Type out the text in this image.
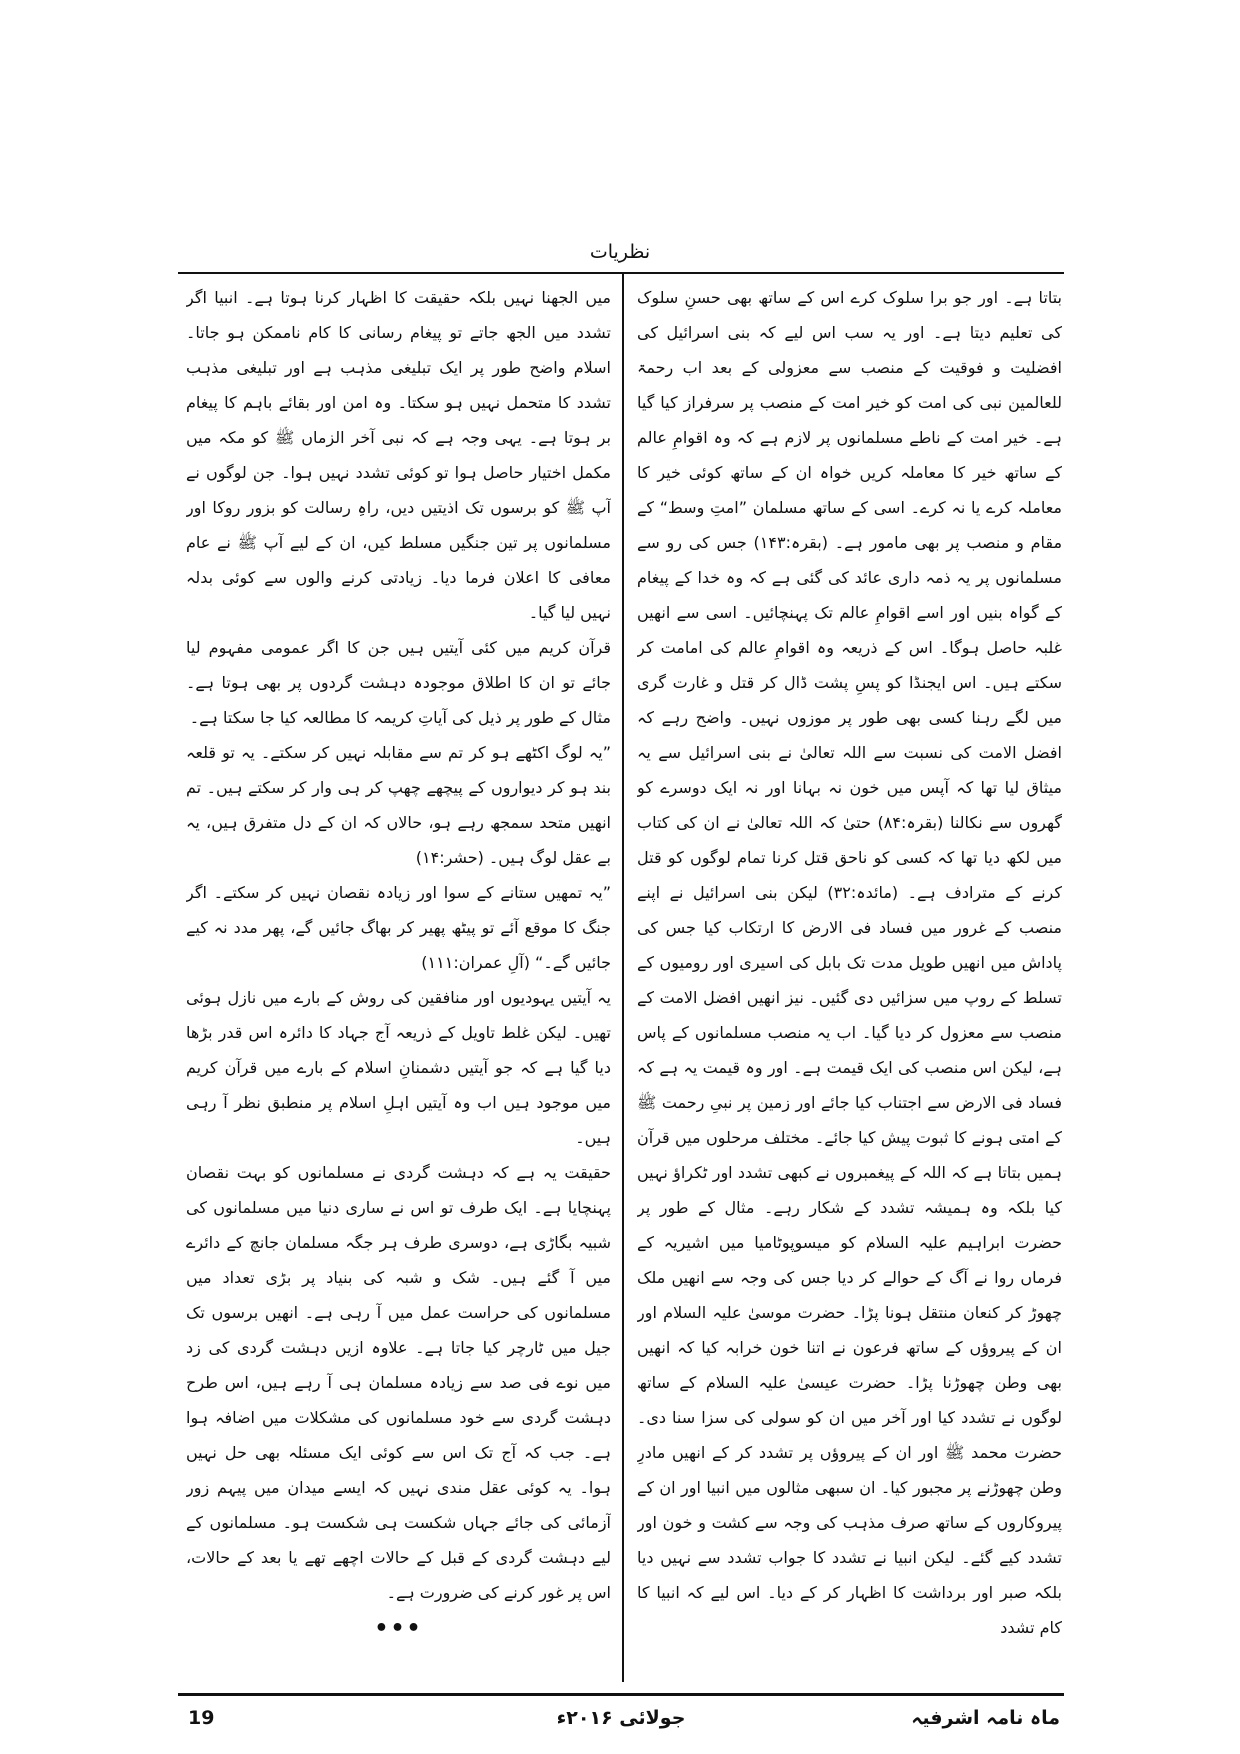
نظریات

بتاتا ہے۔ اور جو برا سلوک کرے اس کے ساتھ بھی حسنِ سلوک کی تعلیم دیتا ہے۔ اور یہ سب اس لیے کہ بنی اسرائیل کی افضلیت و فوقیت کے منصب سے معزولی کے بعد اب رحمۃ للعالمین نبی کی امت کو خیر امت کے منصب پر سرفراز کیا گیا ہے۔ خیر امت کے ناطے مسلمانوں پر لازم ہے کہ وہ اقوامِ عالم کے ساتھ خیر کا معاملہ کریں خواہ ان کے ساتھ کوئی خیر کا معاملہ کرے یا نہ کرے۔ اسی کے ساتھ مسلمان ”امتِ وسط“ کے مقام و منصب پر بھی مامور ہے۔ (بقرہ:۱۴۳) جس کی رو سے مسلمانوں پر یہ ذمہ داری عائد کی گئی ہے کہ وہ خدا کے پیغام کے گواہ بنیں اور اسے اقوامِ عالم تک پہنچائیں۔ اسی سے انھیں غلبہ حاصل ہوگا۔ اس کے ذریعہ وہ اقوامِ عالم کی امامت کر سکتے ہیں۔ اس ایجنڈا کو پسِ پشت ڈال کر قتل و غارت گری میں لگے رہنا کسی بھی طور پر موزوں نہیں۔ واضح رہے کہ افضل الامت کی نسبت سے اللہ تعالیٰ نے بنی اسرائیل سے یہ میثاق لیا تھا کہ آپس میں خون نہ بہانا اور نہ ایک دوسرے کو گھروں سے نکالنا (بقرہ:۸۴) حتیٰ کہ اللہ تعالیٰ نے ان کی کتاب میں لکھ دیا تھا کہ کسی کو ناحق قتل کرنا تمام لوگوں کو قتل کرنے کے مترادف ہے۔ (مائدہ:۳۲) لیکن بنی اسرائیل نے اپنے منصب کے غرور میں فساد فی الارض کا ارتکاب کیا جس کی پاداش میں انھیں طویل مدت تک بابل کی اسیری اور رومیوں کے تسلط کے روپ میں سزائیں دی گئیں۔ نیز انھیں افضل الامت کے منصب سے معزول کر دیا گیا۔ اب یہ منصب مسلمانوں کے پاس ہے، لیکن اس منصب کی ایک قیمت ہے۔ اور وہ قیمت یہ ہے کہ فساد فی الارض سے اجتناب کیا جائے اور زمین پر نبیِ رحمت ﷺ کے امتی ہونے کا ثبوت پیش کیا جائے۔ مختلف مرحلوں میں قرآن ہمیں بتاتا ہے کہ اللہ کے پیغمبروں نے کبھی تشدد اور ٹکراؤ نہیں کیا بلکہ وہ ہمیشہ تشدد کے شکار رہے۔ مثال کے طور پر حضرت ابراہیم علیہ السلام کو میسوپوٹامیا میں اشیریہ کے فرماں روا نے آگ کے حوالے کر دیا جس کی وجہ سے انھیں ملک چھوڑ کر کنعان منتقل ہونا پڑا۔ حضرت موسیٰ علیہ السلام اور ان کے پیروؤں کے ساتھ فرعون نے اتنا خون خرابہ کیا کہ انھیں بھی وطن چھوڑنا پڑا۔ حضرت عیسیٰ علیہ السلام کے ساتھ لوگوں نے تشدد کیا اور آخر میں ان کو سولی کی سزا سنا دی۔ حضرت محمد ﷺ اور ان کے پیروؤں پر تشدد کر کے انھیں مادرِ وطن چھوڑنے پر مجبور کیا۔ ان سبھی مثالوں میں انبیا اور ان کے پیروکاروں کے ساتھ صرف مذہب کی وجہ سے کشت و خون اور تشدد کیے گئے۔ لیکن انبیا نے تشدد کا جواب تشدد سے نہیں دیا بلکہ صبر اور برداشت کا اظہار کر کے دیا۔ اس لیے کہ انبیا کا کام تشدد

میں الجھنا نہیں بلکہ حقیقت کا اظہار کرنا ہوتا ہے۔ انبیا اگر تشدد میں الجھ جاتے تو پیغام رسانی کا کام ناممکن ہو جاتا۔ اسلام واضح طور پر ایک تبلیغی مذہب ہے اور تبلیغی مذہب تشدد کا متحمل نہیں ہو سکتا۔ وہ امن اور بقائے باہم کا پیغام بر ہوتا ہے۔ یہی وجہ ہے کہ نبی آخر الزماں ﷺ کو مکہ میں مکمل اختیار حاصل ہوا تو کوئی تشدد نہیں ہوا۔ جن لوگوں نے آپ ﷺ کو برسوں تک اذیتیں دیں، راہِ رسالت کو بزور روکا اور مسلمانوں پر تین جنگیں مسلط کیں، ان کے لیے آپ ﷺ نے عام معافی کا اعلان فرما دیا۔ زیادتی کرنے والوں سے کوئی بدلہ نہیں لیا گیا۔

قرآن کریم میں کئی آیتیں ہیں جن کا اگر عمومی مفہوم لیا جائے تو ان کا اطلاق موجودہ دہشت گردوں پر بھی ہوتا ہے۔ مثال کے طور پر ذیل کی آیاتِ کریمہ کا مطالعہ کیا جا سکتا ہے۔

”یہ لوگ اکٹھے ہو کر تم سے مقابلہ نہیں کر سکتے۔ یہ تو قلعہ بند ہو کر دیواروں کے پیچھے چھپ کر ہی وار کر سکتے ہیں۔ تم انھیں متحد سمجھ رہے ہو، حالاں کہ ان کے دل متفرق ہیں، یہ بے عقل لوگ ہیں۔ (حشر:۱۴)

”یہ تمھیں ستانے کے سوا اور زیادہ نقصان نہیں کر سکتے۔ اگر جنگ کا موقع آئے تو پیٹھ پھیر کر بھاگ جائیں گے، پھر مدد نہ کیے جائیں گے۔“ (آلِ عمران:۱۱۱)

یہ آیتیں یہودیوں اور منافقین کی روش کے بارے میں نازل ہوئی تھیں۔ لیکن غلط تاویل کے ذریعہ آج جہاد کا دائرہ اس قدر بڑھا دیا گیا ہے کہ جو آیتیں دشمنانِ اسلام کے بارے میں قرآن کریم میں موجود ہیں اب وہ آیتیں اہلِ اسلام پر منطبق نظر آ رہی ہیں۔

حقیقت یہ ہے کہ دہشت گردی نے مسلمانوں کو بہت نقصان پہنچایا ہے۔ ایک طرف تو اس نے ساری دنیا میں مسلمانوں کی شبیہ بگاڑی ہے، دوسری طرف ہر جگہ مسلمان جانچ کے دائرے میں آ گئے ہیں۔ شک و شبہ کی بنیاد پر بڑی تعداد میں مسلمانوں کی حراست عمل میں آ رہی ہے۔ انھیں برسوں تک جیل میں ٹارچر کیا جاتا ہے۔ علاوہ ازیں دہشت گردی کی زد میں نوے فی صد سے زیادہ مسلمان ہی آ رہے ہیں، اس طرح دہشت گردی سے خود مسلمانوں کی مشکلات میں اضافہ ہوا ہے۔ جب کہ آج تک اس سے کوئی ایک مسئلہ بھی حل نہیں ہوا۔ یہ کوئی عقل مندی نہیں کہ ایسے میدان میں پیہم زور آزمائی کی جائے جہاں شکست ہی شکست ہو۔ مسلمانوں کے لیے دہشت گردی کے قبل کے حالات اچھے تھے یا بعد کے حالات، اس پر غور کرنے کی ضرورت ہے۔

•••
جولائی ۲۰۱۶ء	ماہ نامہ اشرفیہ
19
